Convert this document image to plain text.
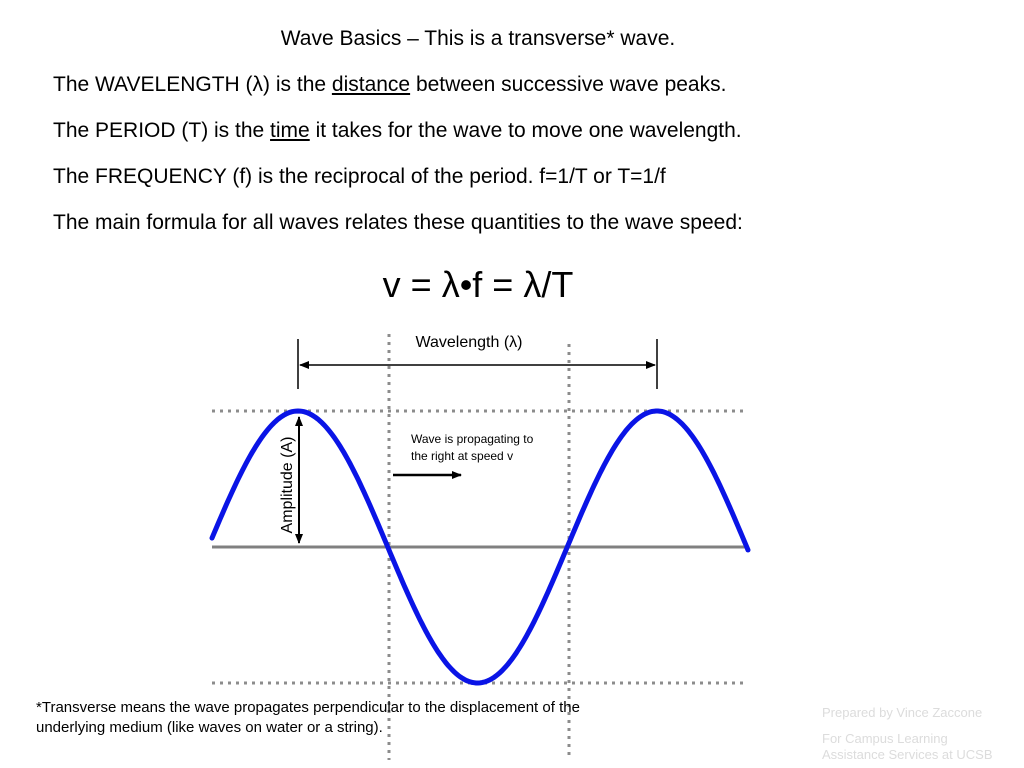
Wave Basics – This is a transverse* wave.
The WAVELENGTH (λ) is the distance between successive wave peaks.
The PERIOD (T) is the time it takes for the wave to move one wavelength.
The FREQUENCY (f) is the reciprocal of the period. f=1/T or T=1/f
The main formula for all waves relates these quantities to the wave speed:
v = λ•f = λ/T
Wavelength (λ)
Amplitude (A)	Wave is propagating to
the right at speed v
*Transverse means the wave propagates perpendicular to the displacement of the
underlying medium (like waves on water or a string).
Prepared by Vince Zaccone
For Campus Learning
Assistance Services at UCSB
